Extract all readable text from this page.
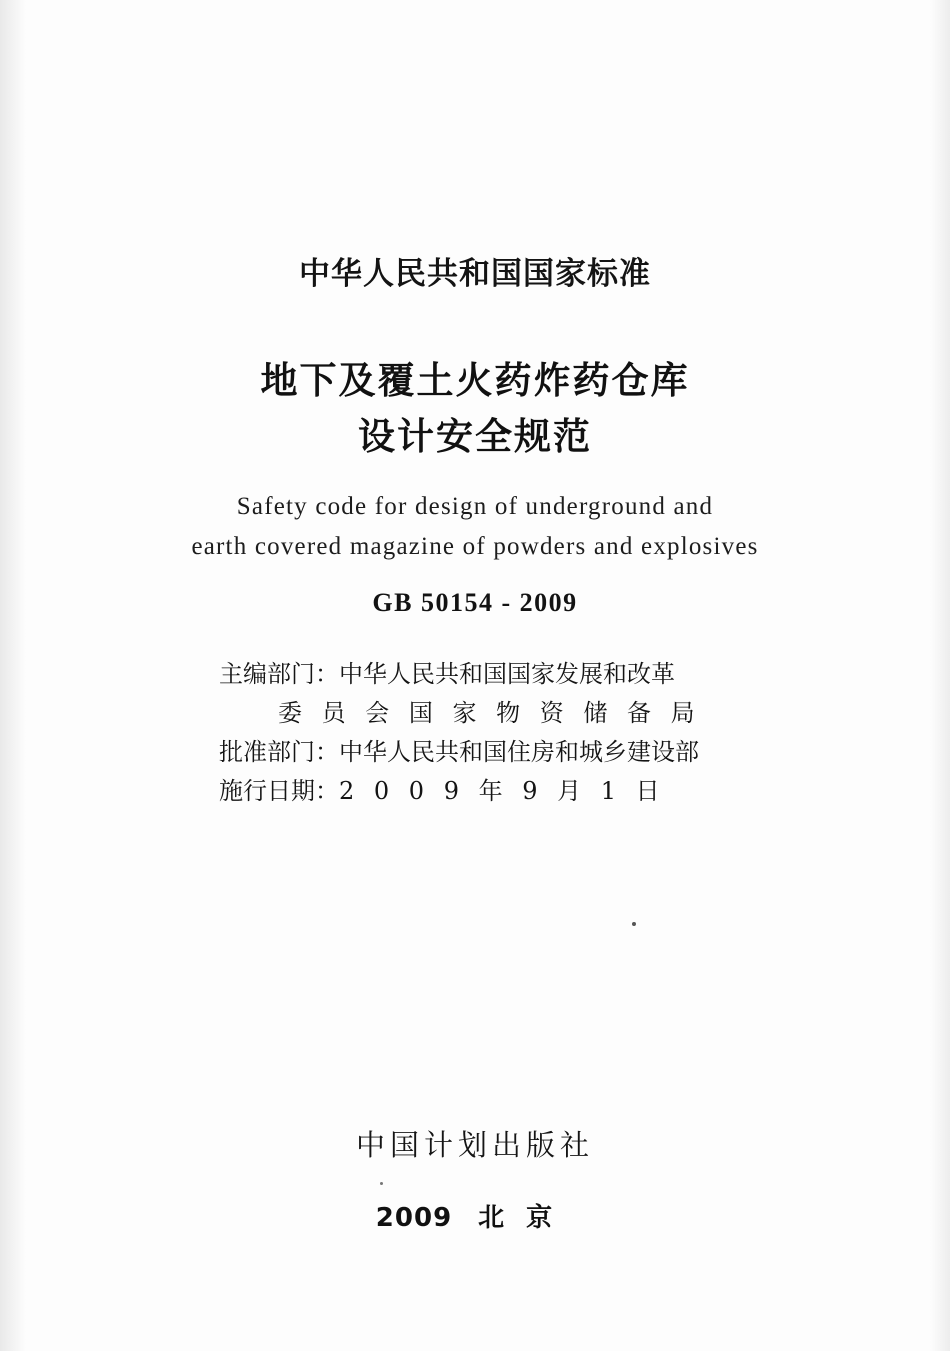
中华人民共和国国家标准
地下及覆土火药炸药仓库
设计安全规范
Safety code for design of underground and
earth covered magazine of powders and explosives
GB 50154 - 2009
主编部门：中华人民共和国国家发展和改革
委 员 会 国 家 物 资 储 备 局
批准部门：中华人民共和国住房和城乡建设部
施行日期：2 0 0 9 年 9 月 1 日
中国计划出版社
2009 北京
